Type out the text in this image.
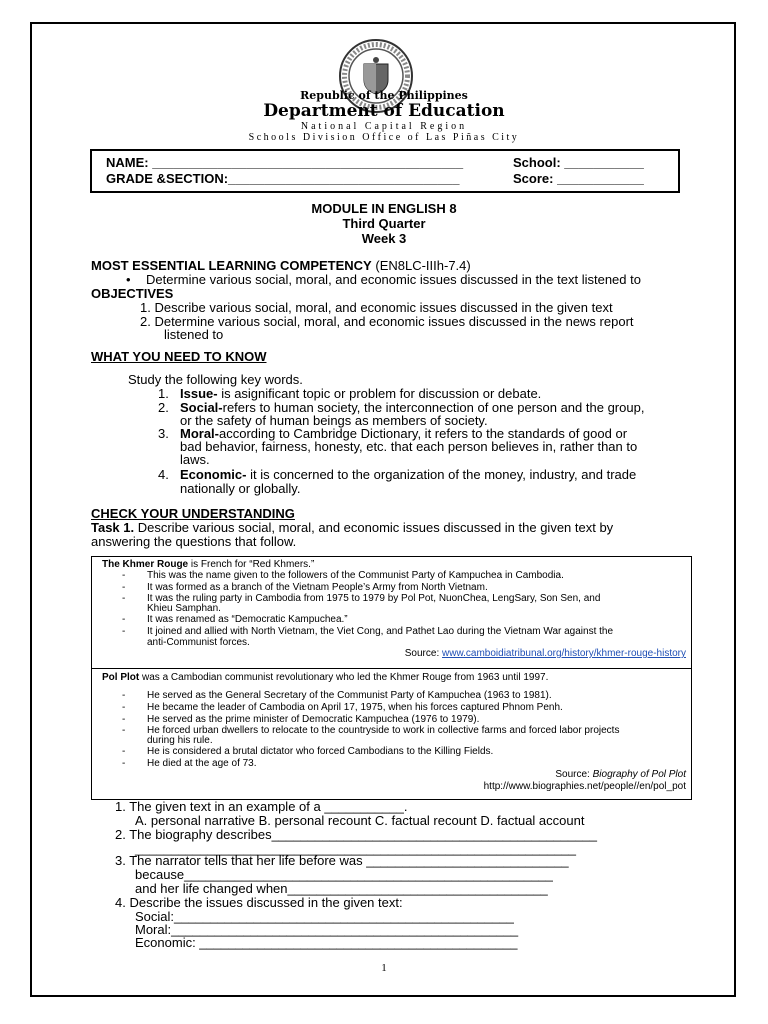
Republic of the Philippines
Department of Education
National Capital Region
Schools Division Office of Las Piñas City
NAME: ___________________________________________
GRADE &SECTION:________________________________
School: ___________
Score: ____________
MODULE IN ENGLISH 8
Third Quarter
Week 3
MOST ESSENTIAL LEARNING COMPETENCY (EN8LC-IIIh-7.4)
• Determine various social, moral, and economic issues discussed in the text listened to
OBJECTIVES
1. Describe various social, moral, and economic issues discussed in the given text
2. Determine various social, moral, and economic issues discussed in the news report
listened to
WHAT YOU NEED TO KNOW
Study the following key words.
1. Issue- is asignificant topic or problem for discussion or debate.
2. Social-refers to human society, the interconnection of one person and the group,
or the safety of human beings as members of society.
3. Moral-according to Cambridge Dictionary, it refers to the standards of good or
bad behavior, fairness, honesty, etc. that each person believes in, rather than to
laws.
4. Economic- it is concerned to the organization of the money, industry, and trade
nationally or globally.
CHECK YOUR UNDERSTANDING
Task 1. Describe various social, moral, and economic issues discussed in the given text by
answering the questions that follow.
The Khmer Rouge is French for “Red Khmers.”
- This was the name given to the followers of the Communist Party of Kampuchea in Cambodia.
- It was formed as a branch of the Vietnam People’s Army from North Vietnam.
- It was the ruling party in Cambodia from 1975 to 1979 by Pol Pot, NuonChea, LengSary, Son Sen, and
Khieu Samphan.
- It was renamed as “Democratic Kampuchea.”
- It joined and allied with North Vietnam, the Viet Cong, and Pathet Lao during the Vietnam War against the
anti-Communist forces.
Source: www.camboidiatribunal.org/history/khmer-rouge-history
Pol Plot was a Cambodian communist revolutionary who led the Khmer Rouge from 1963 until 1997.
- He served as the General Secretary of the Communist Party of Kampuchea (1963 to 1981).
- He became the leader of Cambodia on April 17, 1975, when his forces captured Phnom Penh.
- He served as the prime minister of Democratic Kampuchea (1976 to 1979).
- He forced urban dwellers to relocate to the countryside to work in collective farms and forced labor projects
during his rule.
- He is considered a brutal dictator who forced Cambodians to the Killing Fields.
- He died at the age of 73.
Source: Biography of Pol Plot
http://www.biographies.net/people//en/pol_pot
1. The given text in an example of a ___________.
A. personal narrative B. personal recount C. factual recount D. factual account
2. The biography describes_____________________________________________
_____________________________________________________________
3. The narrator tells that her life before was ____________________________
because___________________________________________________
and her life changed when____________________________________
4. Describe the issues discussed in the given text:
Social:_______________________________________________
Moral:________________________________________________
Economic: ____________________________________________
1
